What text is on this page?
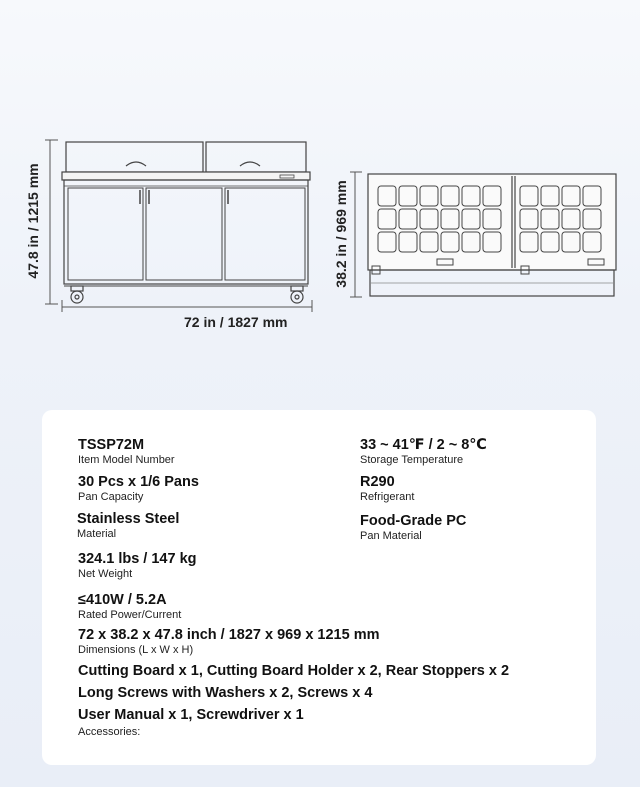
47.8 in / 1215 mm
72 in / 1827 mm
38.2 in / 969 mm
TSSP72M
Item Model Number
30 Pcs x 1/6 Pans
Pan Capacity
Stainless Steel
Material
324.1 lbs / 147 kg
Net Weight
≤410W / 5.2A
Rated Power/Current
72 x 38.2 x 47.8 inch / 1827 x 969 x 1215 mm
Dimensions (L x W x H)
33 ~ 41℉ / 2 ~ 8℃
Storage Temperature
R290
Refrigerant
Food-Grade PC
Pan Material
Cutting Board x 1, Cutting Board Holder x 2, Rear Stoppers x 2
Long Screws with Washers x 2, Screws x 4
User Manual x 1, Screwdriver x 1
Accessories:
